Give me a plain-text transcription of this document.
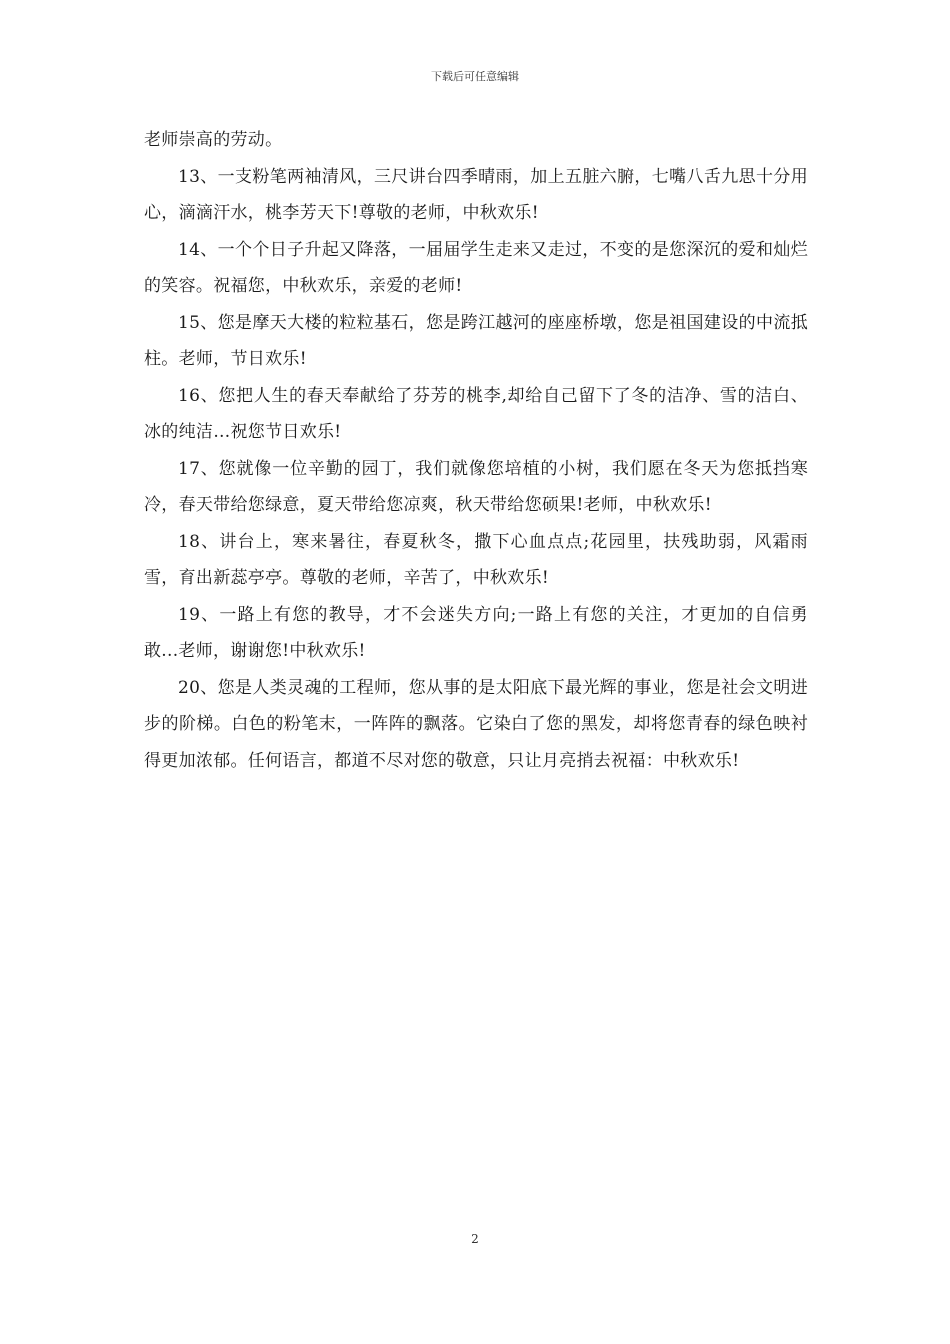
下载后可任意编辑

老师崇高的劳动。

13、一支粉笔两袖清风，三尺讲台四季晴雨，加上五脏六腑，七嘴八舌九思十分用心，滴滴汗水，桃李芳天下!尊敬的老师，中秋欢乐!

14、一个个日子升起又降落，一届届学生走来又走过，不变的是您深沉的爱和灿烂的笑容。祝福您，中秋欢乐，亲爱的老师!

15、您是摩天大楼的粒粒基石，您是跨江越河的座座桥墩，您是祖国建设的中流抵柱。老师，节日欢乐!

16、您把人生的春天奉献给了芬芳的桃李,却给自己留下了冬的洁净、雪的洁白、冰的纯洁…祝您节日欢乐!

17、您就像一位辛勤的园丁，我们就像您培植的小树，我们愿在冬天为您抵挡寒冷，春天带给您绿意，夏天带给您凉爽，秋天带给您硕果!老师，中秋欢乐!

18、讲台上，寒来暑往，春夏秋冬，撒下心血点点;花园里，扶残助弱，风霜雨雪，育出新蕊亭亭。尊敬的老师，辛苦了，中秋欢乐!

19、一路上有您的教导，才不会迷失方向;一路上有您的关注，才更加的自信勇敢...老师，谢谢您!中秋欢乐!

20、您是人类灵魂的工程师，您从事的是太阳底下最光辉的事业，您是社会文明进步的阶梯。白色的粉笔末，一阵阵的飘落。它染白了您的黑发，却将您青春的绿色映衬得更加浓郁。任何语言，都道不尽对您的敬意，只让月亮捎去祝福：中秋欢乐!

2
